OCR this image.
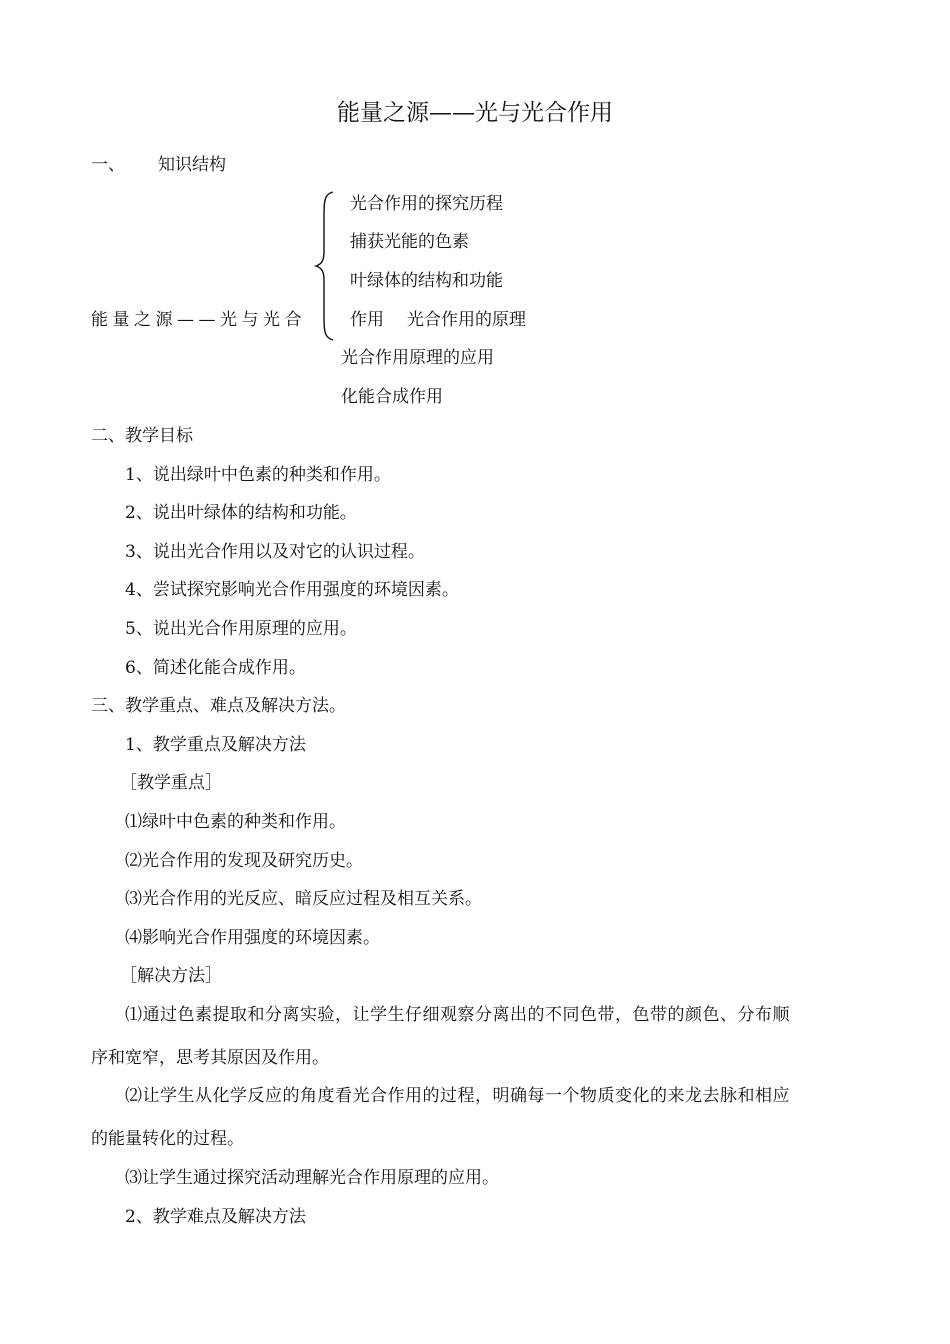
能量之源——光与光合作用
一、 知识结构
能量之源——光与光合
光合作用的探究历程
捕获光能的色素
叶绿体的结构和功能
作用 光合作用的原理
光合作用原理的应用
化能合成作用
二、教学目标
1、说出绿叶中色素的种类和作用。
2、说出叶绿体的结构和功能。
3、说出光合作用以及对它的认识过程。
4、尝试探究影响光合作用强度的环境因素。
5、说出光合作用原理的应用。
6、简述化能合成作用。
三、教学重点、难点及解决方法。
1、教学重点及解决方法
［教学重点］
⑴绿叶中色素的种类和作用。
⑵光合作用的发现及研究历史。
⑶光合作用的光反应、暗反应过程及相互关系。
⑷影响光合作用强度的环境因素。
［解决方法］
⑴通过色素提取和分离实验，让学生仔细观察分离出的不同色带，色带的颜色、分布顺
序和宽窄，思考其原因及作用。
⑵让学生从化学反应的角度看光合作用的过程，明确每一个物质变化的来龙去脉和相应
的能量转化的过程。
⑶让学生通过探究活动理解光合作用原理的应用。
2、教学难点及解决方法
